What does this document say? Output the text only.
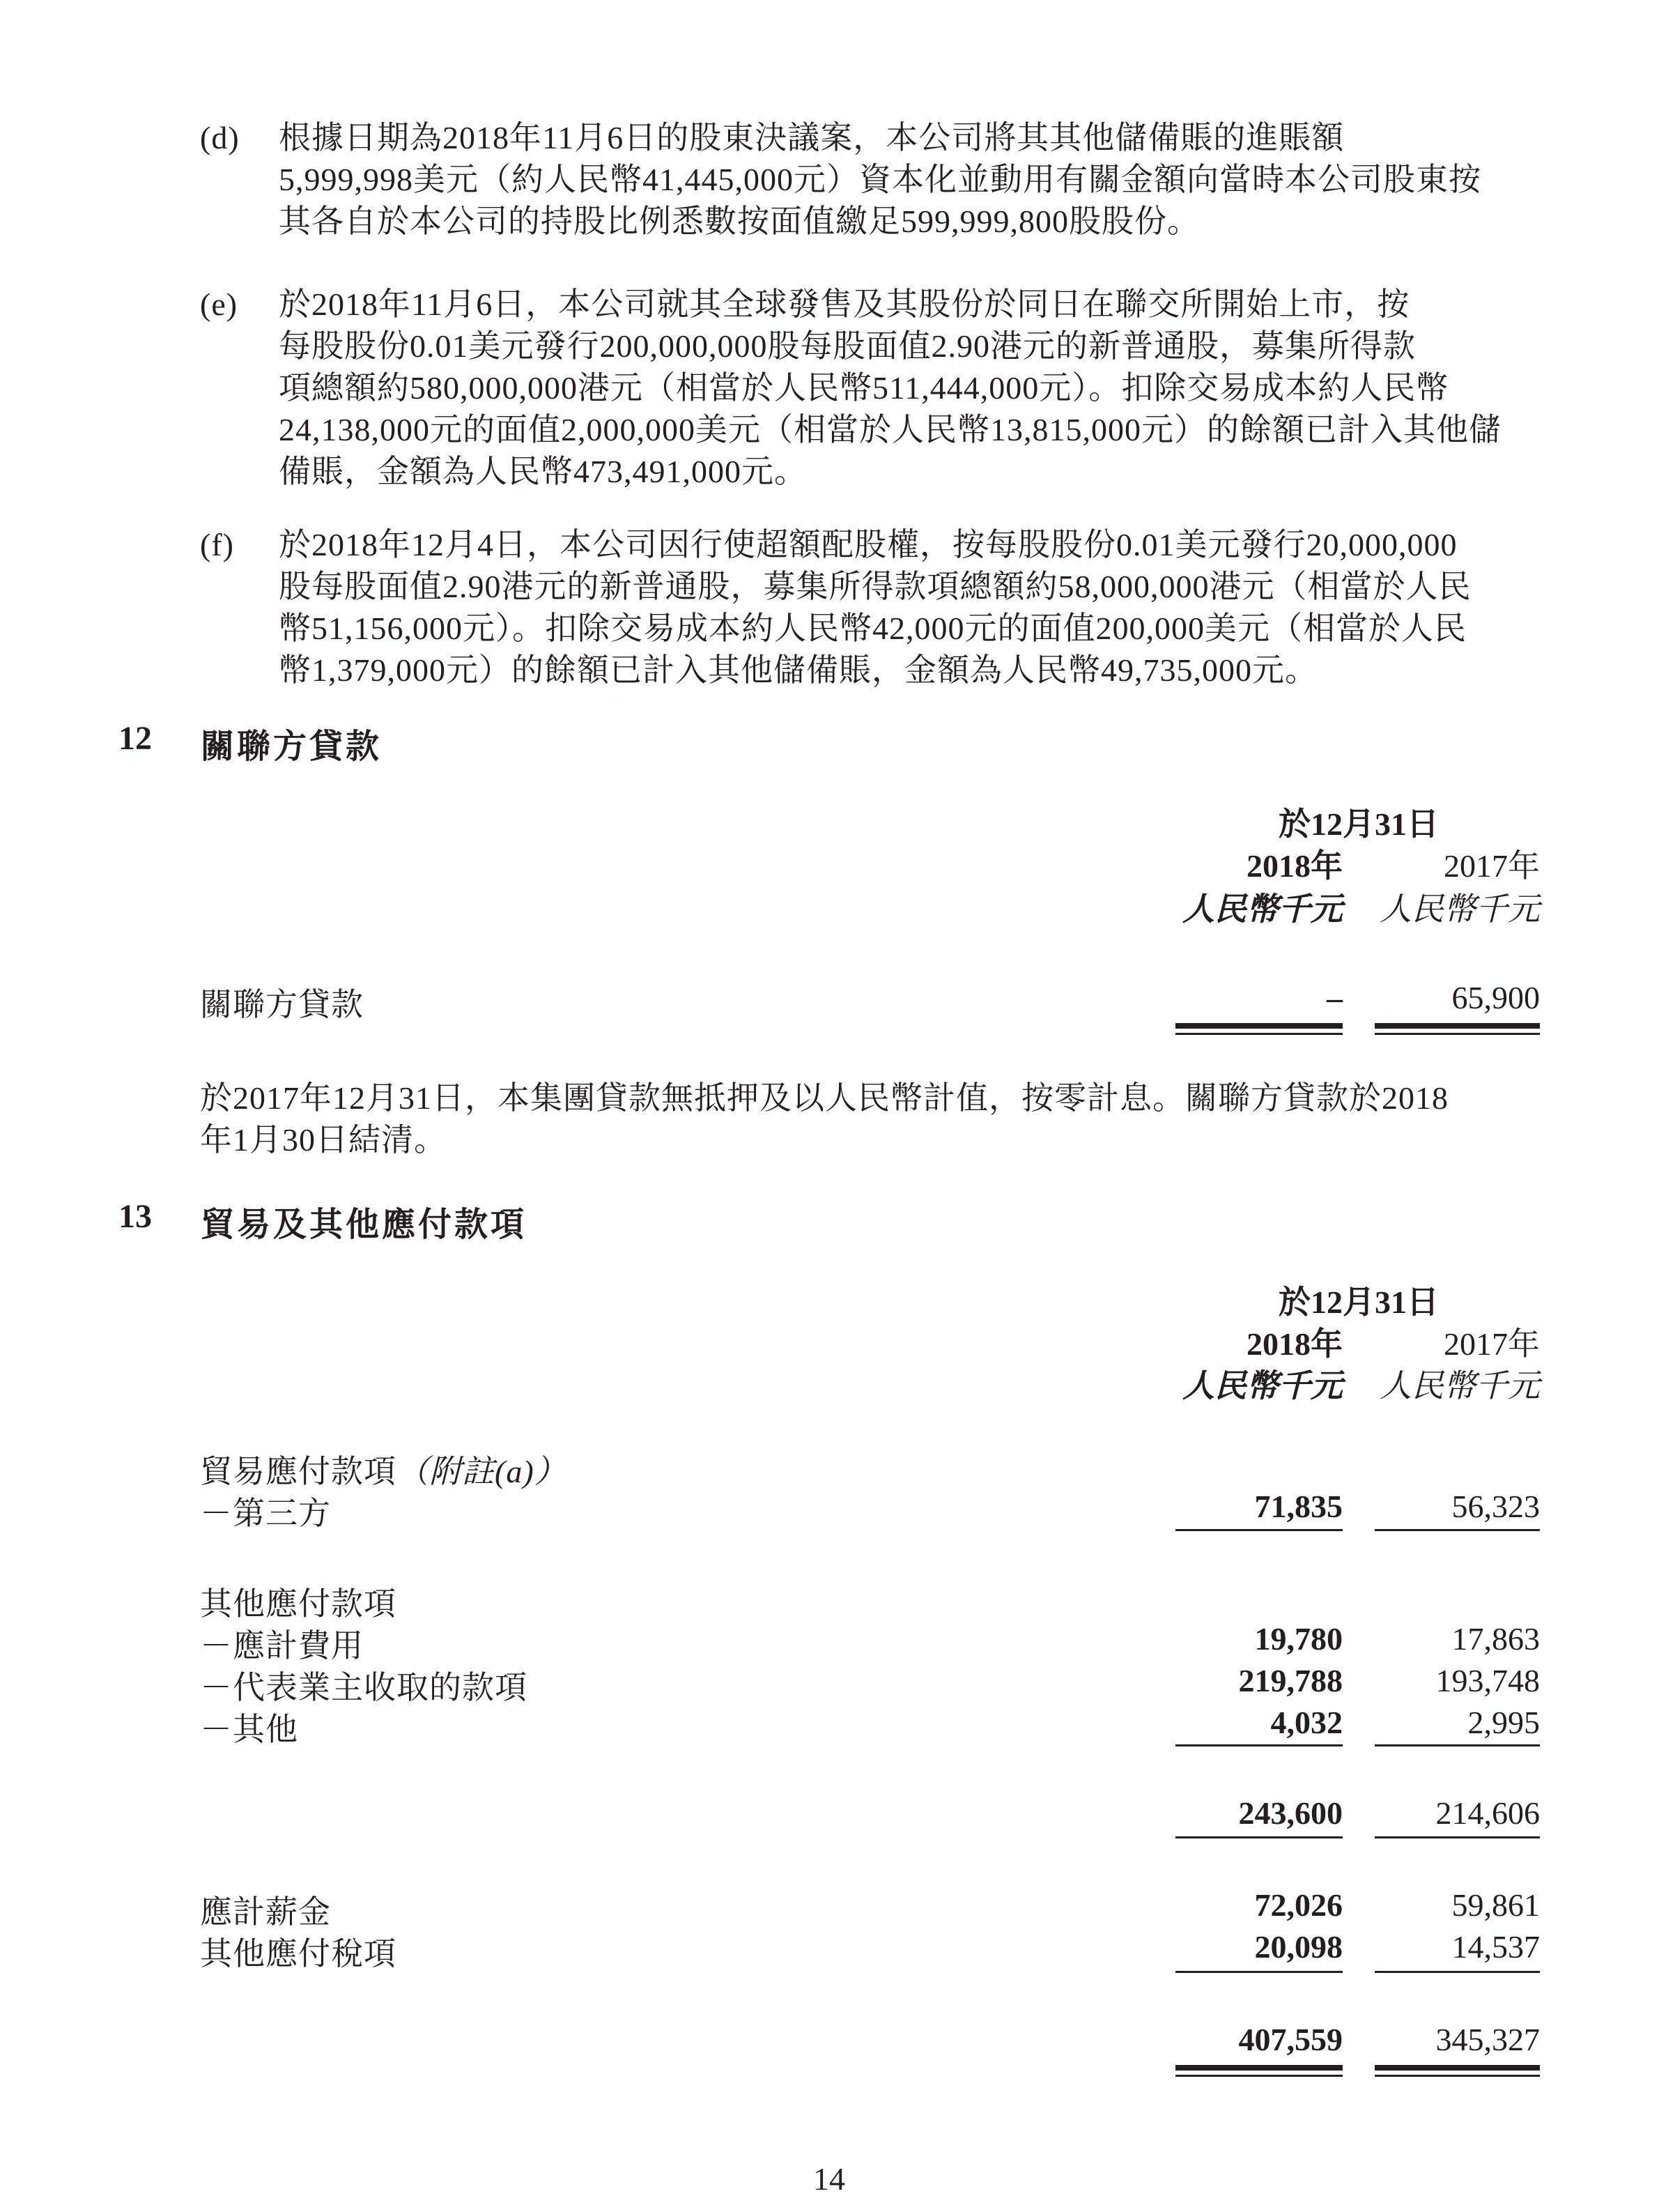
(d) 根據日期為2018年11月6日的股東決議案，本公司將其其他儲備賬的進賬額
5,999,998美元（約人民幣41,445,000元）資本化並動用有關金額向當時本公司股東按
其各自於本公司的持股比例悉數按面值繳足599,999,800股股份。
(e) 於2018年11月6日，本公司就其全球發售及其股份於同日在聯交所開始上市，按
每股股份0.01美元發行200,000,000股每股面值2.90港元的新普通股，募集所得款
項總額約580,000,000港元（相當於人民幣511,444,000元）。扣除交易成本約人民幣
24,138,000元的面值2,000,000美元（相當於人民幣13,815,000元）的餘額已計入其他儲
備賬，金額為人民幣473,491,000元。
(f) 於2018年12月4日，本公司因行使超額配股權，按每股股份0.01美元發行20,000,000
股每股面值2.90港元的新普通股，募集所得款項總額約58,000,000港元（相當於人民
幣51,156,000元）。扣除交易成本約人民幣42,000元的面值200,000美元（相當於人民
幣1,379,000元）的餘額已計入其他儲備賬，金額為人民幣49,735,000元。
12 關聯方貸款
於12月31日
2018年	2017年
人民幣千元 人民幣千元
關聯方貸款	–	65,900
於2017年12月31日，本集團貸款無抵押及以人民幣計值，按零計息。關聯方貸款於2018
年1月30日結清。
13 貿易及其他應付款項
於12月31日
2018年	2017年
人民幣千元 人民幣千元
貿易應付款項（附註(a)）
－第三方	71,835	56,323
其他應付款項
－應計費用	19,780	17,863
－代表業主收取的款項	219,788	193,748
－其他	4,032	2,995
243,600	214,606
應計薪金	72,026	59,861
其他應付稅項	20,098	14,537
407,559	345,327
14
